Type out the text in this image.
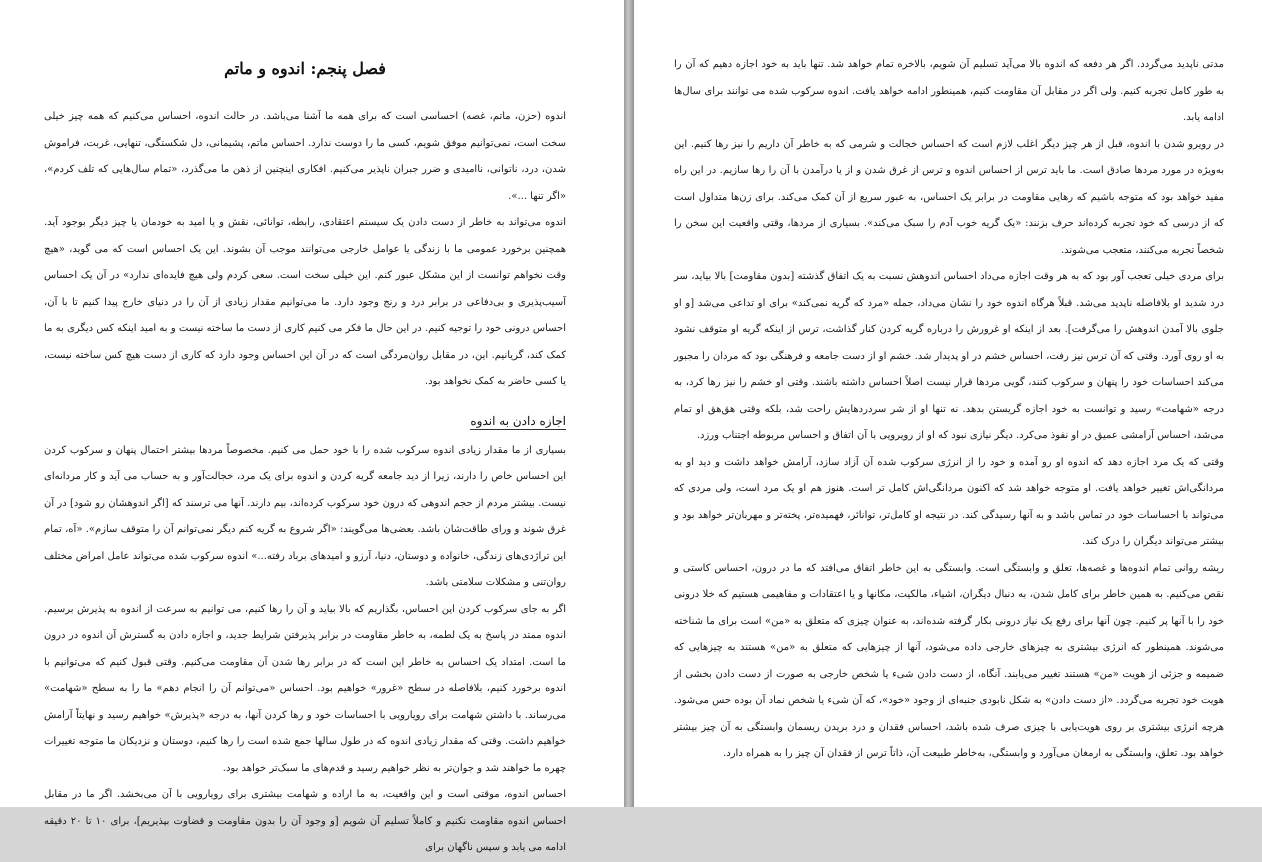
فصل پنجم: اندوه و ماتم

اندوه (حزن، ماتم، غصه) احساسی است که برای همه ما آشنا می‌باشد. در حالت اندوه، احساس می‌کنیم که همه چیز خیلی سخت است، نمی‌توانیم موفق شویم، کسی ما را دوست ندارد. احساس ماتم، پشیمانی، دل شکستگی، تنهایی، غربت، فراموش شدن، درد، ناتوانی، ناامیدی و ضرر جبران ناپذیر می‌کنیم. افکاری اینچنین از ذهن ما می‌گذرد، «تمام سال‌هایی که تلف کردم»، «اگر تنها ...».

اندوه می‌تواند به خاطر از دست دادن یک سیستم اعتقادی، رابطه، توانائی، نقش و یا امید به خودمان یا چیز دیگر بوجود آید. همچنین برخورد عمومی ما با زندگی یا عوامل خارجی می‌توانند موجب آن بشوند. این یک احساس است که می گوید، «هیچ وقت نخواهم توانست از این مشکل عبور کنم. این خیلی سخت است. سعی کردم ولی هیچ فایده‌ای ندارد» در آن یک احساس آسیب‌پذیری و بی‌دفاعی در برابر درد و رنج وجود دارد. ما می‌توانیم مقدار زیادی از آن را در دنیای خارج پیدا کنیم تا با آن، احساس درونی خود را توجیه کنیم. در این حال ما فکر می کنیم کاری از دست ما ساخته نیست و به امید اینکه کس دیگری به ما کمک کند، گریانیم. این، در مقابل روان‌مردگی است که در آن این احساس وجود دارد که کاری از دست هیچ کس ساخته نیست، یا کسی حاضر به کمک نخواهد بود.

اجازه دادن به اندوه

بسیاری از ما مقدار زیادی اندوه سرکوب شده را با خود حمل می کنیم. مخصوصاً مردها بیشتر احتمال پنهان و سرکوب کردن این احساس خاص را دارند، زیرا از دید جامعه گریه کردن و اندوه برای یک مرد، خجالت‌آور و به حساب می آید و کار مردانه‌ای نیست. بیشتر مردم از حجم اندوهی که درون خود سرکوب کرده‌اند، بیم دارند. آنها می ترسند که [اگر اندوهشان رو شود] در آن غرق شوند و ورای طاقت‌شان باشد. بعضی‌ها می‌گویند: «اگر شروع به گریه کنم دیگر نمی‌توانم آن را متوقف سازم». «آه، تمام این تراژدی‌های زندگی، خانواده و دوستان، دنیا، آرزو و امیدهای برباد رفته...» اندوه سرکوب شده می‌تواند عامل امراض مختلف روان‌تنی و مشکلات سلامتی باشد.

اگر به جای سرکوب کردن این احساس، بگذاریم که بالا بیاید و آن را رها کنیم، می توانیم به سرعت از اندوه به پذیرش برسیم. اندوه ممتد در پاسخ به یک لطمه، به خاطر مقاومت در برابر پذیرفتن شرایط جدید، و اجازه دادن به گسترش آن اندوه در درون ما است. امتداد یک احساس به خاطر این است که در برابر رها شدن آن مقاومت می‌کنیم. وقتی قبول کنیم که می‌توانیم با اندوه برخورد کنیم، بلافاصله در سطح «غرور» خواهیم بود. احساس «می‌توانم آن را انجام دهم» ما را به سطح «شهامت» می‌رساند. با داشتن شهامت برای رویارویی با احساسات خود و رها کردن آنها، به درجه «پذیرش» خواهیم رسید و نهایتاً آرامش خواهیم داشت. وقتی که مقدار زیادی اندوه که در طول سالها جمع شده است را رها کنیم، دوستان و نزدیکان ما متوجه تغییرات چهره ما خواهند شد و جوان‌تر به نظر خواهیم رسید و قدم‌های ما سبک‌تر خواهد بود.

احساس اندوه، موقتی است و این واقعیت، به ما اراده و شهامت بیشتری برای رویارویی با آن می‌بخشد. اگر ما در مقابل احساس اندوه مقاومت نکنیم و کاملاً تسلیم آن شویم [و وجود آن را بدون مقاومت و قضاوت بپذیریم]، برای ۱۰ تا ۲۰ دقیقه ادامه می یابد و سپس ناگهان برای

مدتی ناپدید می‌گردد. اگر هر دفعه که اندوه بالا می‌آید تسلیم آن شویم، بالاخره تمام خواهد شد. تنها باید به خود اجازه دهیم که آن را به طور کامل تجربه کنیم. ولی اگر در مقابل آن مقاومت کنیم، همینطور ادامه خواهد یافت. اندوه سرکوب شده می توانند برای سال‌ها ادامه یابد.

در رویرو شدن با اندوه، قبل از هر چیز دیگر اغلب لازم است که احساس خجالت و شرمی که به خاطر آن داریم را نیز رها کنیم. این به‌ویژه در مورد مردها صادق است. ما باید ترس از احساس اندوه و ترس از غرق شدن و از یا درآمدن با آن را رها سازیم. در این راه مفید خواهد بود که متوجه باشیم که رهایی مقاومت در برابر یک احساس، به عبور سریع از آن کمک می‌کند. برای زن‌ها متداول است که از درسی که خود تجربه کرده‌اند حرف بزنند: «یک گریه خوب آدم را سبک می‌کند». بسیاری از مردها، وقتی واقعیت این سخن را شخصاً تجربه می‌کنند، متعجب می‌شوند.

برای مردی خیلی تعجب آور بود که به هر وقت اجازه می‌داد احساس اندوهش نسبت به یک اتفاق گذشته [بدون مقاومت] بالا بیاید، سر درد شدید او بلافاصله ناپدید می‌شد. قبلاً هرگاه اندوه خود را نشان می‌داد، جمله «مرد که گریه نمی‌کند» برای او تداعی می‌شد [و او جلوی بالا آمدن اندوهش را می‌گرفت]. بعد از اینکه او غرورش را درباره گریه کردن کنار گذاشت، ترس از اینکه گریه او متوقف نشود به او روی آورد. وقتی که آن ترس نیز رفت، احساس خشم در او پدیدار شد. خشم او از دست جامعه و فرهنگی بود که مردان را مجبور می‌کند احساسات خود را پنهان و سرکوب کنند، گویی مردها قرار نیست اصلاً احساس داشته باشند. وقتی او خشم را نیز رها کرد، به درجه «شهامت» رسید و توانست به خود اجازه گریستن بدهد. نه تنها او از شر سردردهایش راحت شد، بلکه وقتی هق‌هق او تمام می‌شد، احساس آرامشی عمیق در او نفوذ می‌کرد. دیگر نیازی نبود که او از رویرویی با آن اتفاق و احساس مربوطه اجتناب ورزد.

وقتی که یک مرد اجازه دهد که اندوه او رو آمده و خود را از انرژی سرکوب شده آن آزاد سازد، آرامش خواهد داشت و دید او به مردانگی‌اش تغییر خواهد یافت. او متوجه خواهد شد که اکنون مردانگی‌اش کامل تر است. هنوز هم او یک مرد است، ولی مردی که می‌تواند با احساسات خود در تماس باشد و به آنها رسیدگی کند. در نتیجه او کامل‌تر، توانائر، فهمیده‌تر، پخته‌تر و مهربان‌تر خواهد بود و بیشتر می‌تواند دیگران را درک کند.

ریشه روانی تمام اندوه‌ها و غصه‌ها، تعلق و وابستگی است. وابستگی به این خاطر اتفاق می‌افتد که ما در درون، احساس کاستی و نقص می‌کنیم. به همین خاطر برای کامل شدن، به دنبال دیگران، اشیاء، مالکیت، مکانها و یا اعتقادات و مفاهیمی هستیم که خلا درونی خود را با آنها پر کنیم. چون آنها برای رفع یک نیاز درونی بکار گرفته شده‌اند، به عنوان چیزی که متعلق به «من» است برای ما شناخته می‌شوند. همینطور که انرژی بیشتری به چیزهای خارجی داده می‌شود، آنها از چیزهایی که متعلق به «من» هستند به چیزهایی که ضمیمه و جزئی از هویت «من» هستند تغییر می‌یابند. آنگاه، از دست دادن شیء یا شخص خارجی به صورت از دست دادن بخشی از هویت خود تجربه می‌گردد. «از دست دادن» به شکل نابودی جنبه‌ای از وجود «خود»، که آن شیء یا شخص نماد آن بوده حس می‌شود. هرچه انرژی بیشتری بر روی هویت‌یابی با چیزی صرف شده باشد، احساس فقدان و درد بریدن ریسمان وابستگی به آن چیز بیشتر خواهد بود. تعلق، وابستگی به ارمغان می‌آورد و وابستگی، به‌خاطر طبیعت آن، ذاتاً ترس از فقدان آن چیز را به همراه دارد.
